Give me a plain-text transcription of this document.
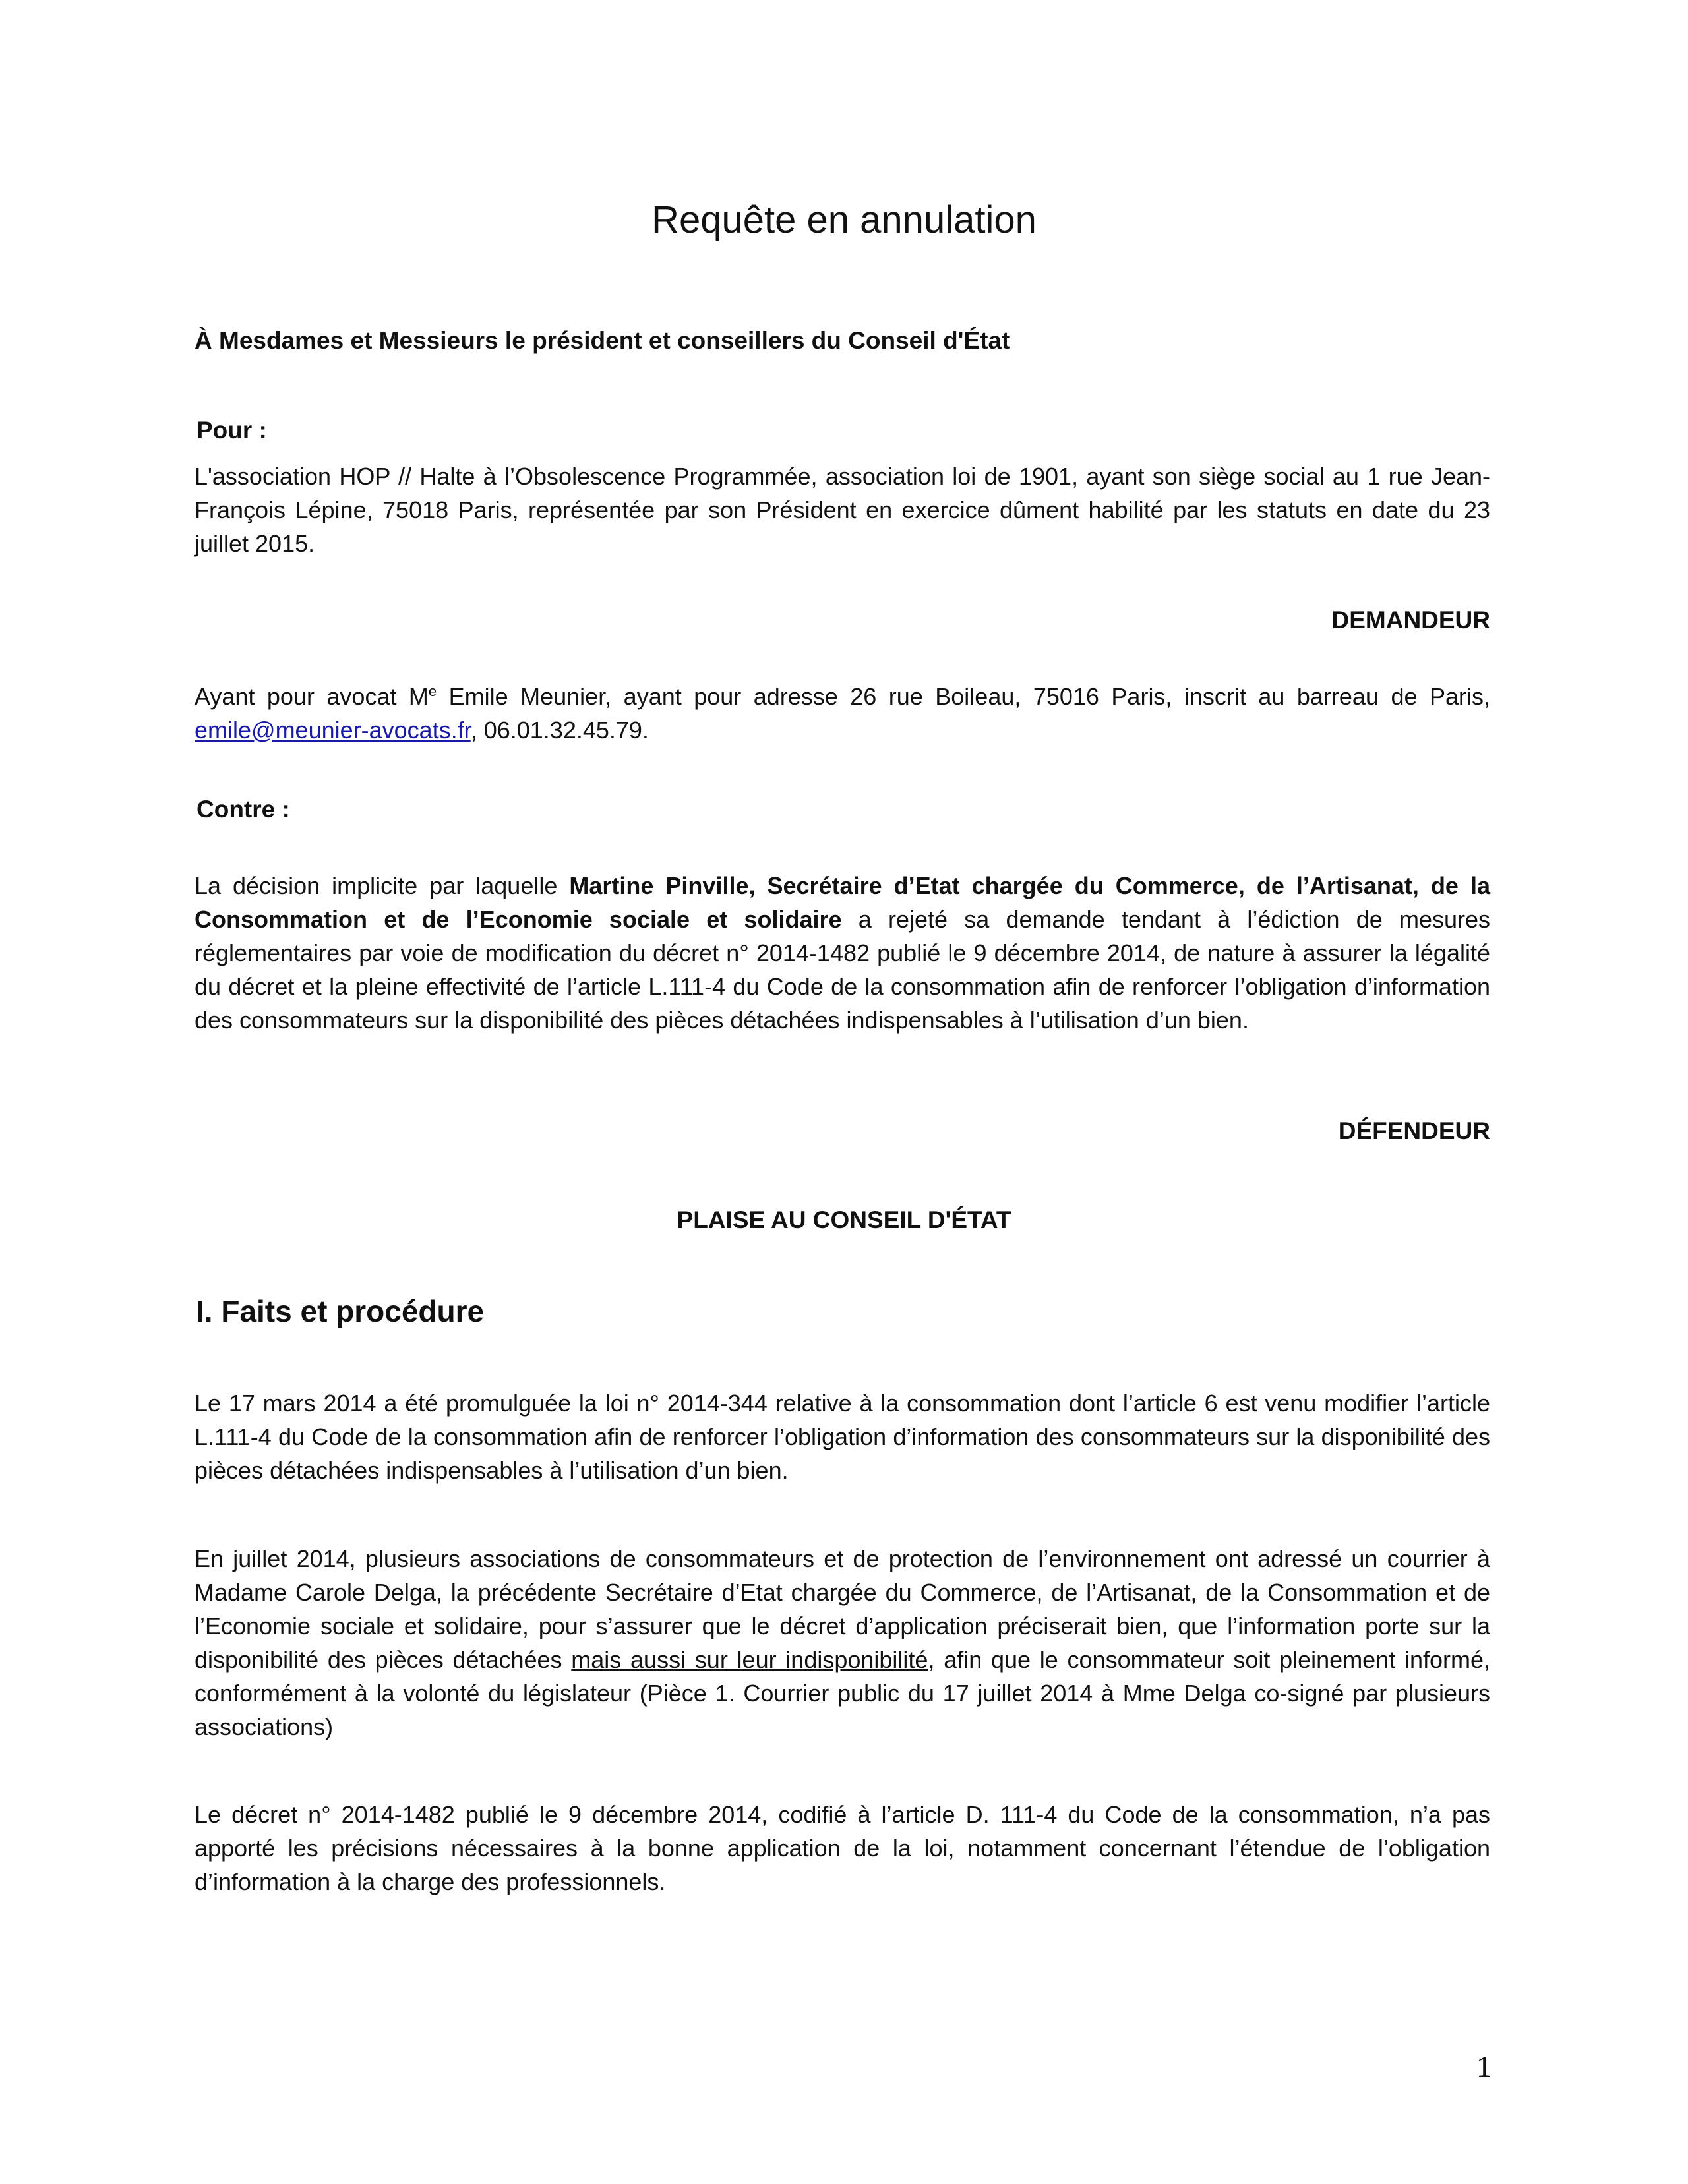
Requête en annulation

À Mesdames et Messieurs le président et conseillers du Conseil d'État

Pour :

L'association HOP // Halte à l’Obsolescence Programmée, association loi de 1901, ayant son siège social au 1 rue Jean-François Lépine, 75018 Paris, représentée par son Président en exercice dûment habilité par les statuts en date du 23 juillet 2015.

DEMANDEUR

Ayant pour avocat Me Emile Meunier, ayant pour adresse 26 rue Boileau, 75016 Paris, inscrit au barreau de Paris, emile@meunier-avocats.fr, 06.01.32.45.79.

Contre :

La décision implicite par laquelle Martine Pinville, Secrétaire d’Etat chargée du Commerce, de l’Artisanat, de la Consommation et de l’Economie sociale et solidaire a rejeté sa demande tendant à l’édiction de mesures réglementaires par voie de modification du décret n° 2014-1482 publié le 9 décembre 2014, de nature à assurer la légalité du décret et la pleine effectivité de l’article L.111-4 du Code de la consommation afin de renforcer l’obligation d’information des consommateurs sur la disponibilité des pièces détachées indispensables à l’utilisation d’un bien.

DÉFENDEUR

PLAISE AU CONSEIL D'ÉTAT

I. Faits et procédure

Le 17 mars 2014 a été promulguée la loi n° 2014-344 relative à la consommation dont l’article 6 est venu modifier l’article L.111-4 du Code de la consommation afin de renforcer l’obligation d’information des consommateurs sur la disponibilité des pièces détachées indispensables à l’utilisation d’un bien.

En juillet 2014, plusieurs associations de consommateurs et de protection de l’environnement ont adressé un courrier à Madame Carole Delga, la précédente Secrétaire d’Etat chargée du Commerce, de l’Artisanat, de la Consommation et de l’Economie sociale et solidaire, pour s’assurer que le décret d’application préciserait bien, que l’information porte sur la disponibilité des pièces détachées mais aussi sur leur indisponibilité, afin que le consommateur soit pleinement informé, conformément à la volonté du législateur (Pièce 1. Courrier public du 17 juillet 2014 à Mme Delga co-signé par plusieurs associations)

Le décret n° 2014-1482 publié le 9 décembre 2014, codifié à l’article D. 111-4 du Code de la consommation, n’a pas apporté les précisions nécessaires à la bonne application de la loi, notamment concernant l’étendue de l’obligation d’information à la charge des professionnels.

1
